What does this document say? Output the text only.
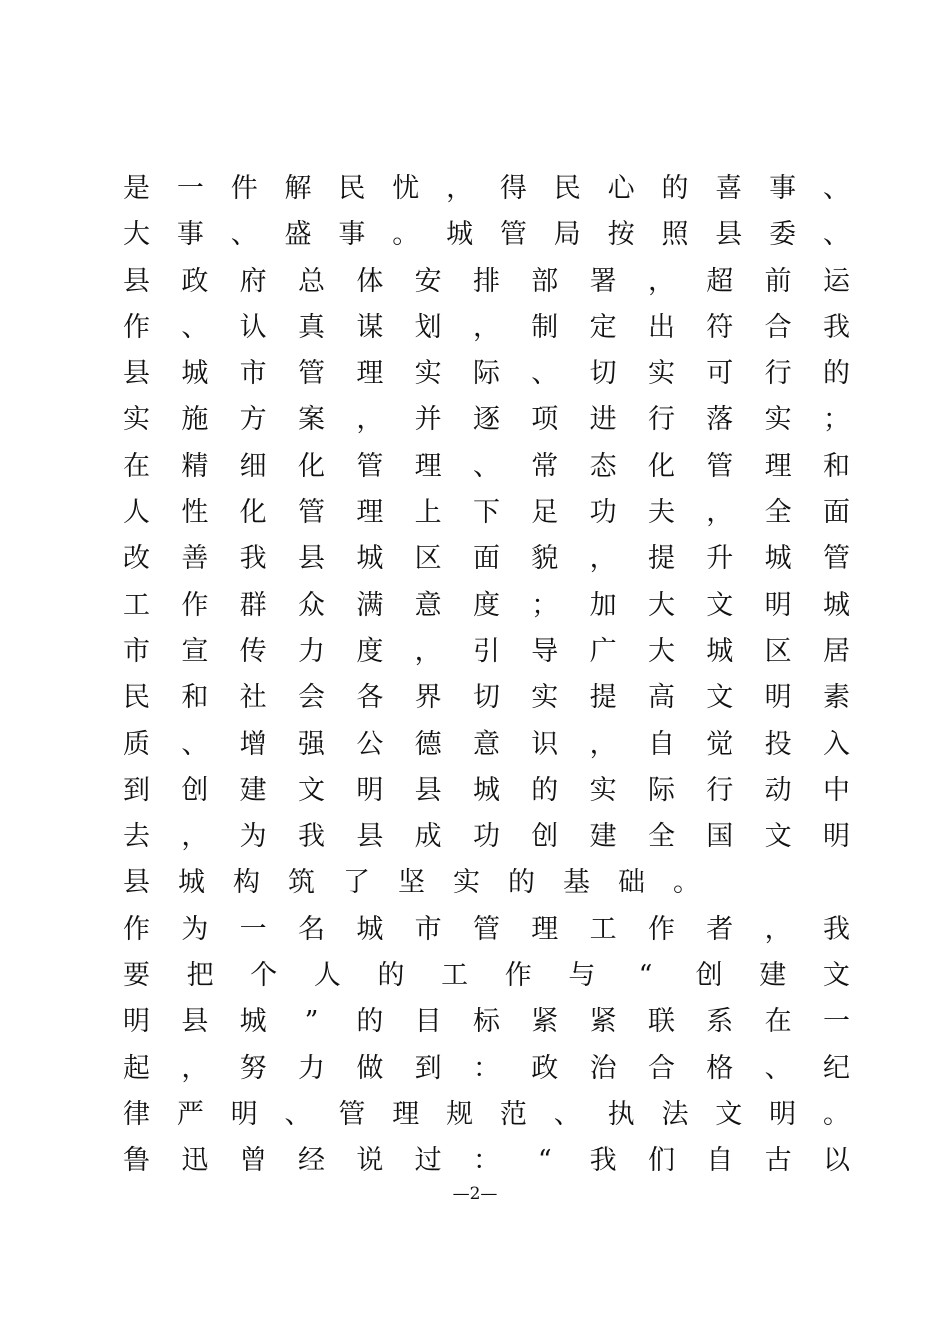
是 一 件 解 民 忧 ， 得 民 心 的 喜 事 、
大 事 、 盛 事 。 城 管 局 按 照 县 委 、
县 政 府 总 体 安 排 部 署 ， 超 前 运
作 、 认 真 谋 划 ， 制 定 出 符 合 我
县 城 市 管 理 实 际 、 切 实 可 行 的
实 施 方 案 ， 并 逐 项 进 行 落 实 ；
在 精 细 化 管 理 、 常 态 化 管 理 和
人 性 化 管 理 上 下 足 功 夫 ， 全 面
改 善 我 县 城 区 面 貌 ， 提 升 城 管
工 作 群 众 满 意 度 ； 加 大 文 明 城
市 宣 传 力 度 ， 引 导 广 大 城 区 居
民 和 社 会 各 界 切 实 提 高 文 明 素
质 、 增 强 公 德 意 识 ， 自 觉 投 入
到 创 建 文 明 县 城 的 实 际 行 动 中
去 ， 为 我 县 成 功 创 建 全 国 文 明
县 城 构 筑 了 坚 实 的 基 础 。
作 为 一 名 城 市 管 理 工 作 者 ， 我
要 把 个 人 的 工 作 与 “ 创 建 文
明 县 城 ” 的 目 标 紧 紧 联 系 在 一
起 ， 努 力 做 到 ： 政 治 合 格 、 纪
律 严 明 、 管 理 规 范 、 执 法 文 明 。
鲁 迅 曾 经 说 过 ： “ 我 们 自 古 以
—2—
